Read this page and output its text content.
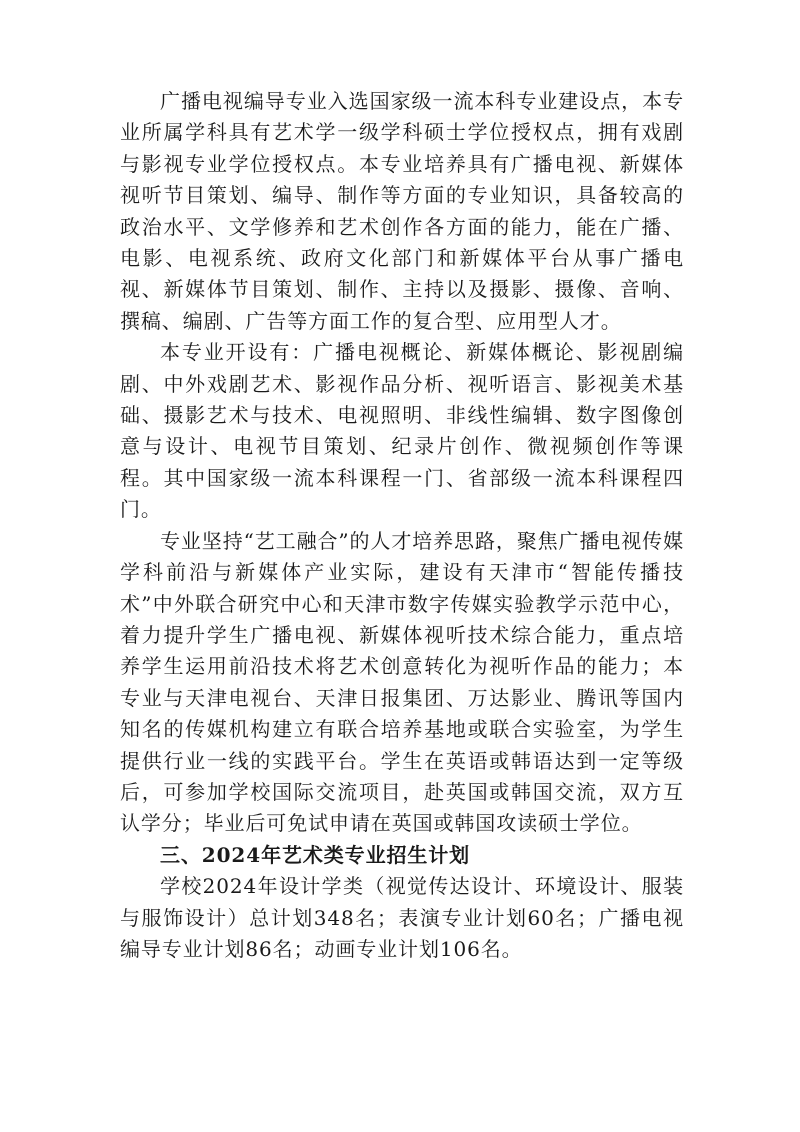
广播电视编导专业入选国家级一流本科专业建设点，本专业所属学科具有艺术学一级学科硕士学位授权点，拥有戏剧与影视专业学位授权点。本专业培养具有广播电视、新媒体视听节目策划、编导、制作等方面的专业知识，具备较高的政治水平、文学修养和艺术创作各方面的能力，能在广播、电影、电视系统、政府文化部门和新媒体平台从事广播电视、新媒体节目策划、制作、主持以及摄影、摄像、音响、撰稿、编剧、广告等方面工作的复合型、应用型人才。

本专业开设有：广播电视概论、新媒体概论、影视剧编剧、中外戏剧艺术、影视作品分析、视听语言、影视美术基础、摄影艺术与技术、电视照明、非线性编辑、数字图像创意与设计、电视节目策划、纪录片创作、微视频创作等课程。其中国家级一流本科课程一门、省部级一流本科课程四门。

专业坚持“艺工融合”的人才培养思路，聚焦广播电视传媒学科前沿与新媒体产业实际，建设有天津市“智能传播技术”中外联合研究中心和天津市数字传媒实验教学示范中心，着力提升学生广播电视、新媒体视听技术综合能力，重点培养学生运用前沿技术将艺术创意转化为视听作品的能力；本专业与天津电视台、天津日报集团、万达影业、腾讯等国内知名的传媒机构建立有联合培养基地或联合实验室，为学生提供行业一线的实践平台。学生在英语或韩语达到一定等级后，可参加学校国际交流项目，赴英国或韩国交流，双方互认学分；毕业后可免试申请在英国或韩国攻读硕士学位。

三、2024年艺术类专业招生计划

学校2024年设计学类（视觉传达设计、环境设计、服装与服饰设计）总计划348名；表演专业计划60名；广播电视编导专业计划86名；动画专业计划106名。
